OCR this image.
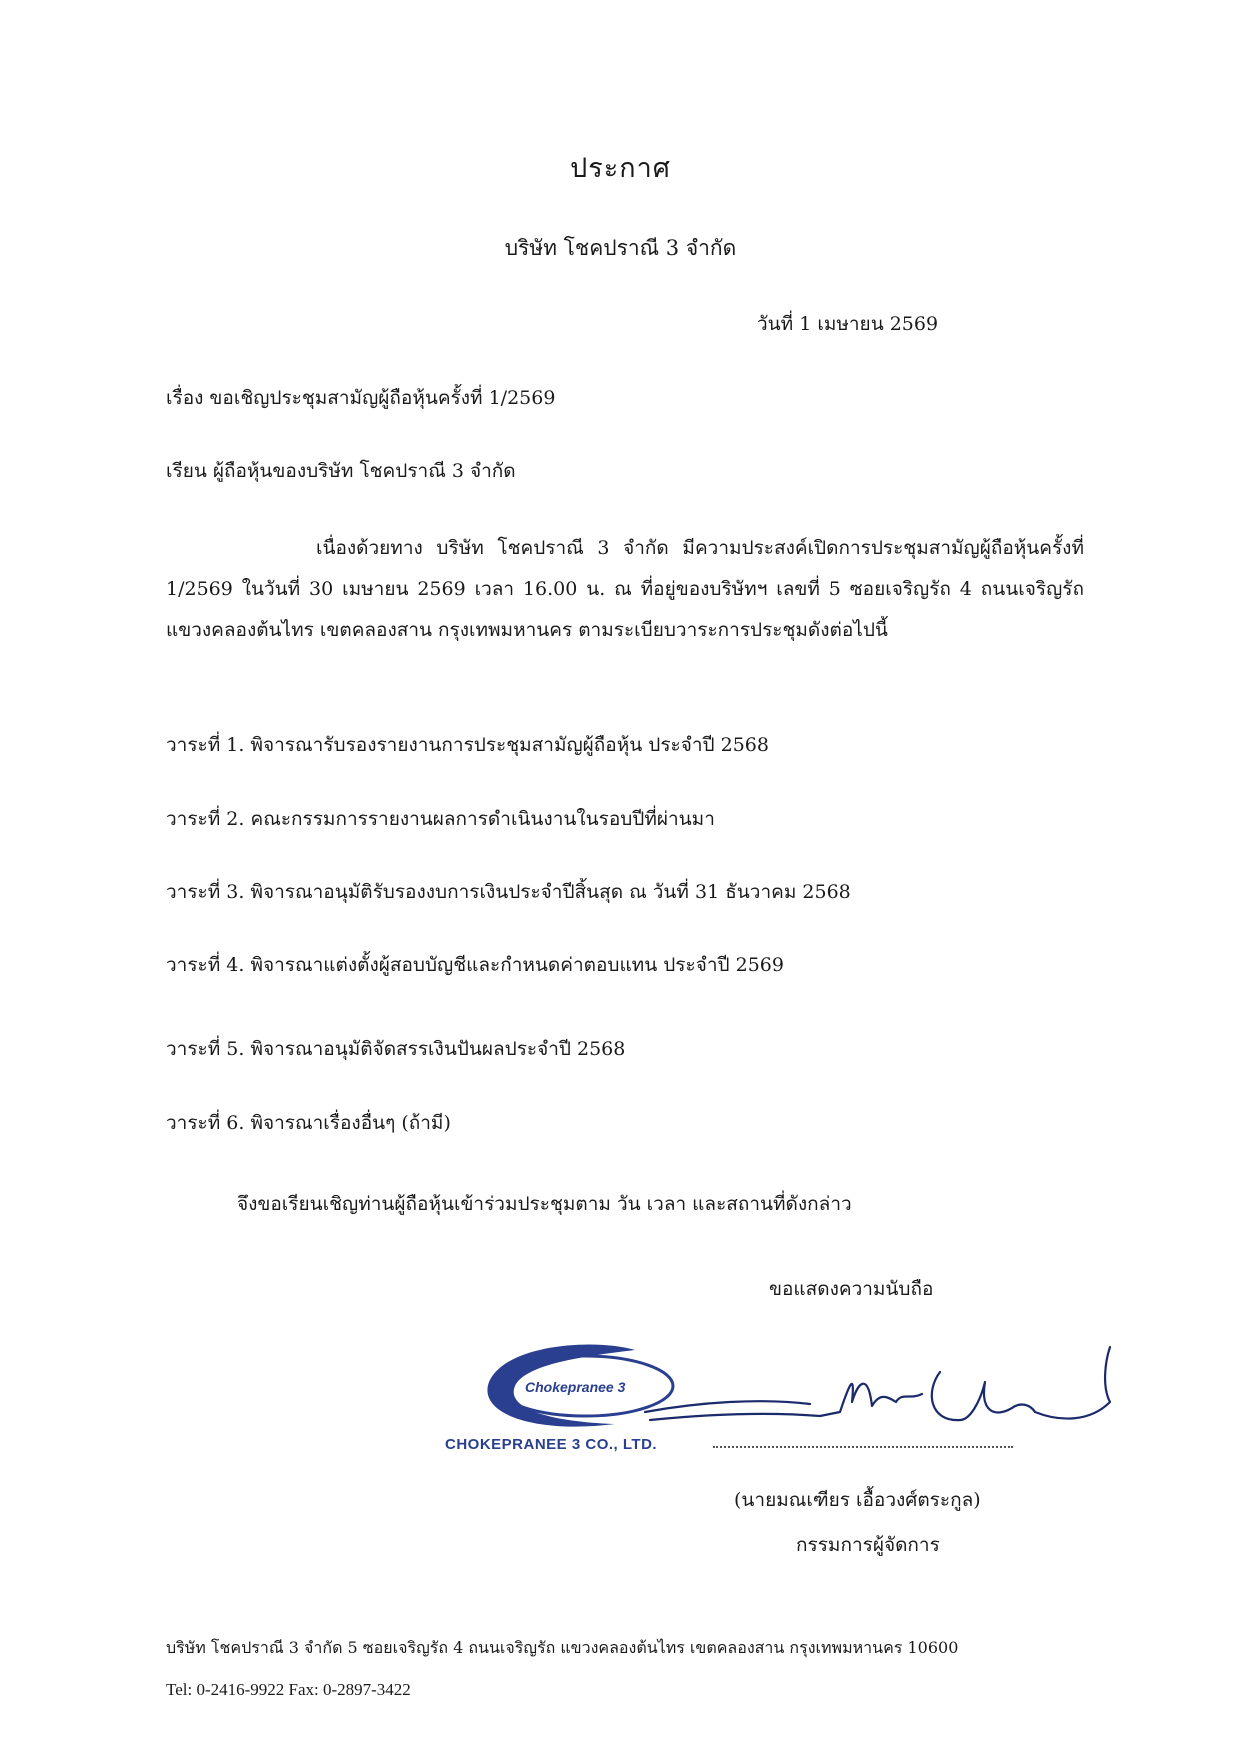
ประกาศ
บริษัท โชคปราณี 3 จำกัด
วันที่ 1 เมษายน 2569
เรื่อง ขอเชิญประชุมสามัญผู้ถือหุ้นครั้งที่ 1/2569
เรียน ผู้ถือหุ้นของบริษัท โชคปราณี 3 จำกัด
เนื่องด้วยทาง บริษัท โชคปราณี 3 จำกัด มีความประสงค์เปิดการประชุมสามัญผู้ถือหุ้นครั้งที่ 1/2569 ในวันที่ 30 เมษายน 2569 เวลา 16.00 น. ณ ที่อยู่ของบริษัทฯ เลขที่ 5 ซอยเจริญรัถ 4 ถนนเจริญรัถ แขวงคลองต้นไทร เขตคลองสาน กรุงเทพมหานคร ตามระเบียบวาระการประชุมดังต่อไปนี้
วาระที่ 1. พิจารณารับรองรายงานการประชุมสามัญผู้ถือหุ้น ประจำปี 2568
วาระที่ 2. คณะกรรมการรายงานผลการดำเนินงานในรอบปีที่ผ่านมา
วาระที่ 3. พิจารณาอนุมัติรับรองงบการเงินประจำปีสิ้นสุด ณ วันที่ 31 ธันวาคม 2568
วาระที่ 4. พิจารณาแต่งตั้งผู้สอบบัญชีและกำหนดค่าตอบแทน ประจำปี 2569
วาระที่ 5. พิจารณาอนุมัติจัดสรรเงินปันผลประจำปี 2568
วาระที่ 6. พิจารณาเรื่องอื่นๆ (ถ้ามี)
จึงขอเรียนเชิญท่านผู้ถือหุ้นเข้าร่วมประชุมตาม วัน เวลา และสถานที่ดังกล่าว
ขอแสดงความนับถือ
Chokepranee 3
CHOKEPRANEE 3 CO., LTD.
(นายมณเฑียร เอื้อวงศ์ตระกูล)
กรรมการผู้จัดการ
บริษัท โชคปราณี 3 จำกัด 5 ซอยเจริญรัถ 4 ถนนเจริญรัถ แขวงคลองต้นไทร เขตคลองสาน กรุงเทพมหานคร 10600
Tel: 0-2416-9922 Fax: 0-2897-3422
